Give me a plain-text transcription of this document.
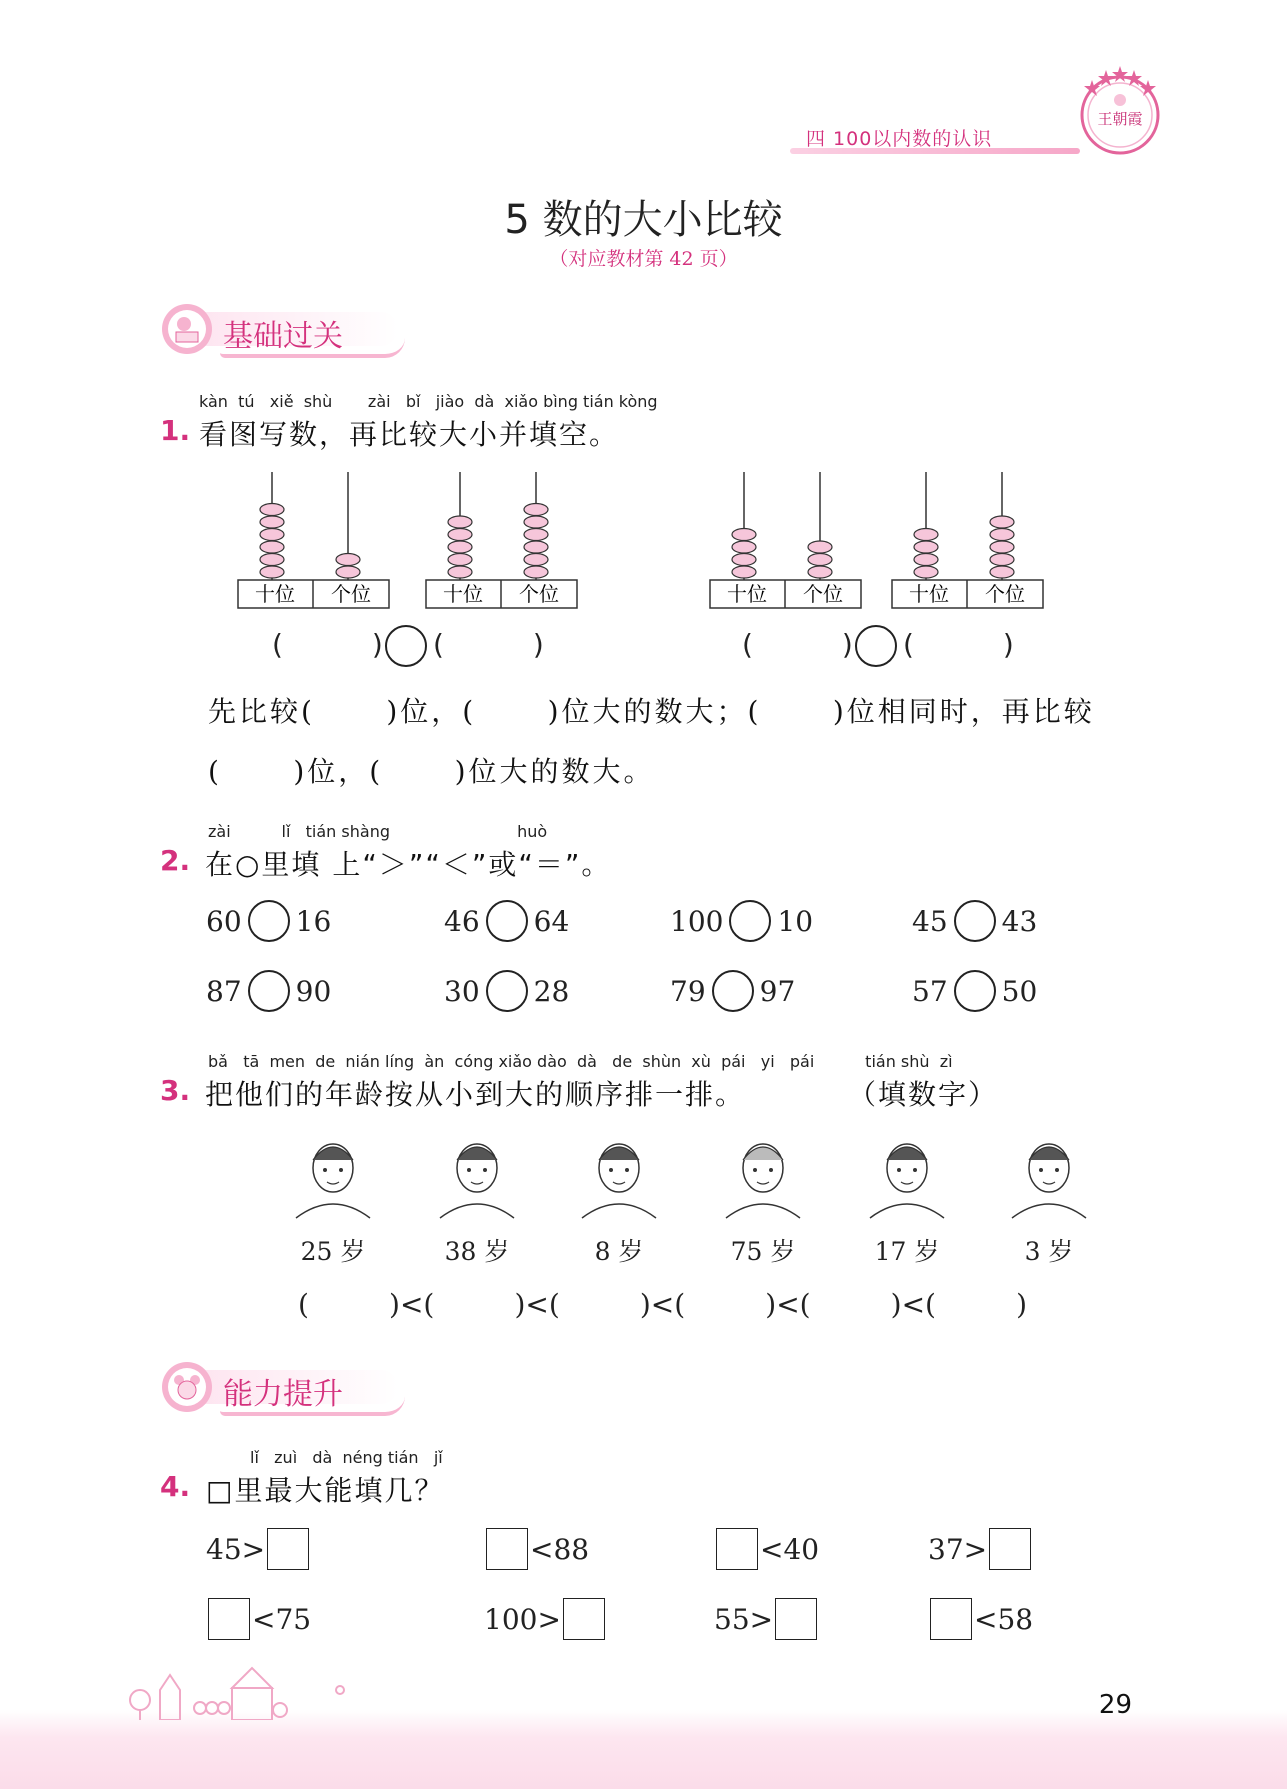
四 100以内数的认识
王朝霞
5 数的大小比较
（对应教材第 42 页）
基础过关
kàn  tú   xiě  shù       zài   bǐ   jiào  dà  xiǎo bìng tián kòng
1. 看图写数，再比较大小并填空。
十位 个位	十位 个位	十位 个位	十位 个位
(          ) (          )	(          ) (          )
先比较(      )位，(      )位大的数大；(      )位相同时，再比较
(      )位，(      )位大的数大。
zài          lǐ   tián shàng                         huò
2. 在○里填 上“＞”“＜”或“＝”。
60 16	46 64	100 10	45 43
87 90	30 28	79 97	57 50
bǎ   tā  men  de  nián líng  àn  cóng xiǎo dào  dà   de  shùn  xù  pái   yi   pái          tián shù  zì
3. 把他们的年龄按从小到大的顺序排一排。	（填数字）
25 岁	38 岁	8 岁	75 岁	17 岁	3 岁
(         )<(         )<(         )<(         )<(         )<(         )
能力提升
lǐ   zuì   dà  néng tián   jǐ
4. □里最大能填几？
45>	<88	<40	37>
<75	100>	55>	<58
29
